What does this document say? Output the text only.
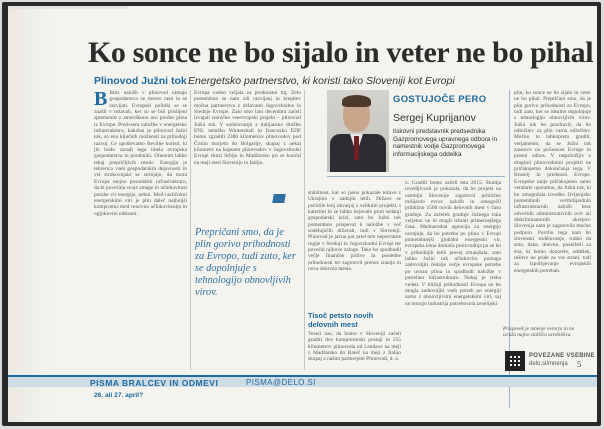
Ko sonce ne bo sijalo in veter ne bo pihal
Plinovod Južni tok Energetsko partnerstvo, ki koristi tako Sloveniji kot Evropi

B Brez naložb v plinovod nimajo gospodarstva ne moreo rasti in se razvijati. Evropski politiki so se znašli v težavah, ker so se bili prisiljeni spremeniti z ameriškono uro prodor plina iz Evrope. Predvsem naložbe v energetsko infrastrukturo, kakršna je plinovod Južni tok, so ena ključnih možnosti za prihodnji razvoj. Ce upoštevamo številne koristi, ki jih bodo zaradi tega imela evropska gospodarstva in porabniki. Omenim lahko tekaj prepričljivih resnic. Energija je lehrerica vseh gospodarskih dejavnosti in vsi strokovnjaki se strinjajo, da mora Evropa mejno posodobiti infrastrukturo, da bi povečala svoje zmage in učinkovitost porabe vir energije, nebni. Med različnimi energetskimi viri je plin daleč najboljši kompromis med cenovno učinkovitostjo in ogljikovim odtisom.

Evropa vedno veljala za prednostni trg. Zelo pomembno se nam zdi razvijanj in krepitev močna partnerstva z državami Jugovzhodne in Srednje Evrope. Zato smo lani decembra začeli izvajati resnično vseevropski projekt – plinovod Južni tok. V sodelovanju z italijansko družbo ENI, nemško Wintershall in francosko EDF bomo zgradili 2380 kilometrov plinovodov pod Črnim morjem do Bolgarije, skupaj z nekaj kilometri na kopnem plinovodov v Jugovzhodni Evropi skozi Srbijo in Madžarsko pri se končal na meji med Slovenijo in Italijo.

Prepričani smo, da je plin gorivo prihodnosti za Evropo, tudi zato, ker se dopolnjuje s tehnologijo obnovljivih virov.

stabilnost, kar so jasno pokazale težave z Ukrajino v zadnjih letih. Države se počutile bolj ukvarjaj z velikimi projekti, s katerimi bi se lahko bojevale proti sedanji gospodarski krizi, zato bo Južni tok pomembno prispeval k naložbe v več sodelujočih državah, tudi v Sloveniji. Plinovod je javna pot pred tem nepovratne regije v Srednji in Jugovzhodni Evropi ter povečal njihove zaloge. Tako bo spodbudil večje finančne prilive in posledne prihodnosti ter zagotovil prenos znanja in nova delovna mesta.

Tisoč petsto novih delovnih mest

Veseli nas, da bomo v Sloveniji začeli graditi dve kompresorski postaji in 255 kilometrov plinovoda od Lendave na meji z Madžarsko do Rateč na meji z Italijo skupaj z našim partnerjem Plinovodi, d. o.

GOSTUJOČE PERO
Sergej Kuprijanov
tiskovni predstavnik predsednika Gazpromovega upravnega odbora in namestnik vodje Gazpromovega informacijskega oddelka

o. Gradili bomo začeli leta 2015. Študija izvedljivosti je pokazala, da bo projekt na ozemlju Slovenije zagotovil približno milijardo evrov naložb in omogočil približno 1500 novih delovnih mest v času gradnje. Za začetek gradnje Južnega toka verjetno ne bi mogli izbrati primernejšega časa. Mednarodna agencija za energijo ocenjuje, da bo potreba po plinu v Evropi pomembnejši globalni energetski vir, evropska letna domača proizvodnja pa se bo v prihodnjih letih precej zmanjšala, zato lahko Južni tok učinkovito pomaga zadovoljiti čedalje večje evropske potrebe po uvozu plina in spodbudi naložbe v potrebno infrastrukturo. Nekaj je treba vedeti. V bližnji prihodnosti Evropa ne bo mogla zadovoljiti vseh potreb po energiji samo z obnovljivimi energetskimi viri, saj ne morajo industrija potrebovala zenelijski

plin, ko sonce ne bo sijalo in veter ne bo pihal. Prepričani smo, da je plin gorivo prihodnosti za Evropo, tudi zato, ker se idealno dopolnjuje s tehnologijo obnovljivih virov. Južni tok bo pozdravil, da bo odločitev za plin varna odločitev. Močno to lahkoprem graditi, verjamemo, da se Južni tok zasnovo na počasnost Evrope in poteni odnos. V raspoložljiv z drugimi plinovodnimi projekti ne pričakujemo dokončanja tega. V Bruselj in prednosti Evrope. Evropske unije pričakujemo samo vendarle uporabno, da Južni tok, ki bo omogočala izvedbo življenjsko pomembnih večmilijardnih infrastrukturnih naložb brez odvečnih administrativnih ovir ali diskriminatornih ukrepov. Slovenija nam je zagotovila močno podporo. Povrhu tega nam bo slovenski sodelovanje, rudno da smo, dane, dnevno, poskrbeli za ena, ki bomo dozorele, oddelek, rešitve ne pride za vse strani, tudi za izpolnjevanje evropskih energetskih potrebah.

Prispevek je mnenje avtorja in ne izraža nujno stališča uredništva.
POVEZANE VSEBINE
delo.si/mnenja 5
PISMA BRALCEV IN ODMEVI	PISMA@DELO.SI
26. ali 27. april?
